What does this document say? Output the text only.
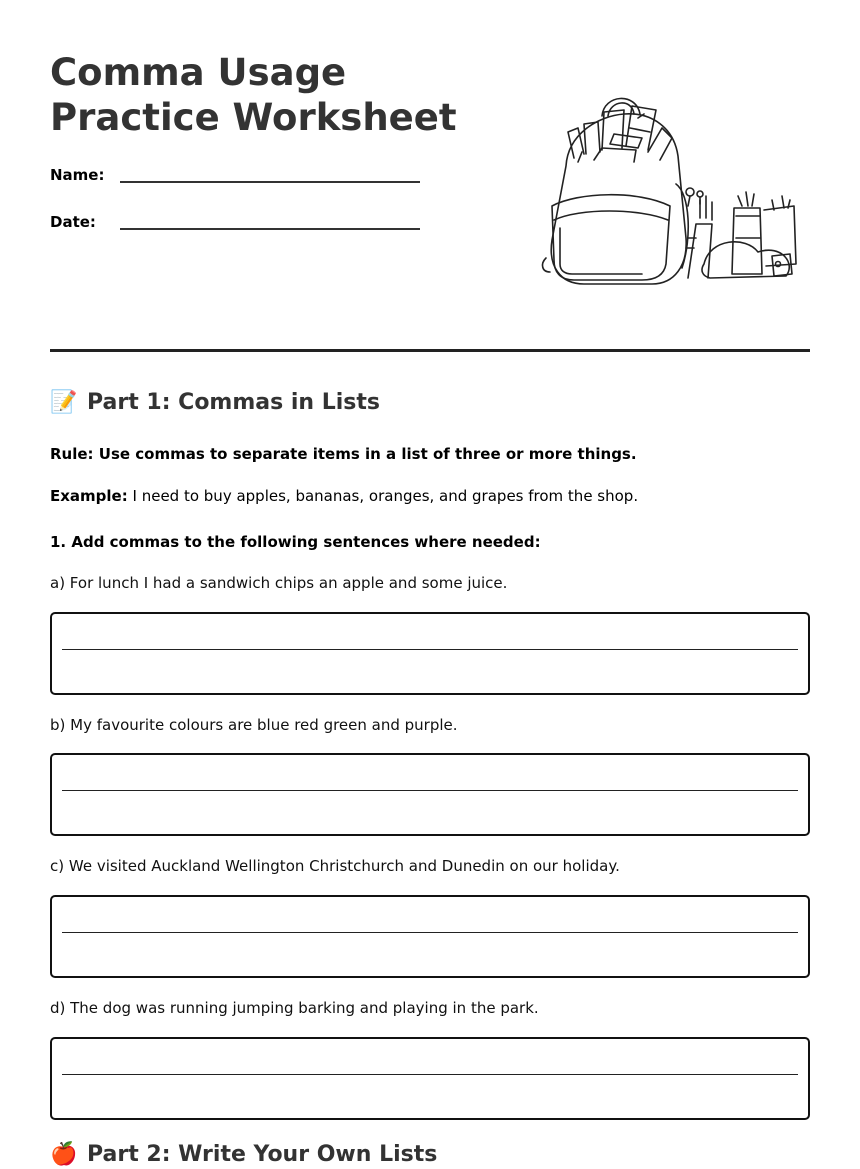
Comma Usage Practice Worksheet
Name:
Date:
📝 Part 1: Commas in Lists
Rule: Use commas to separate items in a list of three or more things.
Example: I need to buy apples, bananas, oranges, and grapes from the shop.
1. Add commas to the following sentences where needed:
a) For lunch I had a sandwich chips an apple and some juice.
b) My favourite colours are blue red green and purple.
c) We visited Auckland Wellington Christchurch and Dunedin on our holiday.
d) The dog was running jumping barking and playing in the park.
🍎 Part 2: Write Your Own Lists
